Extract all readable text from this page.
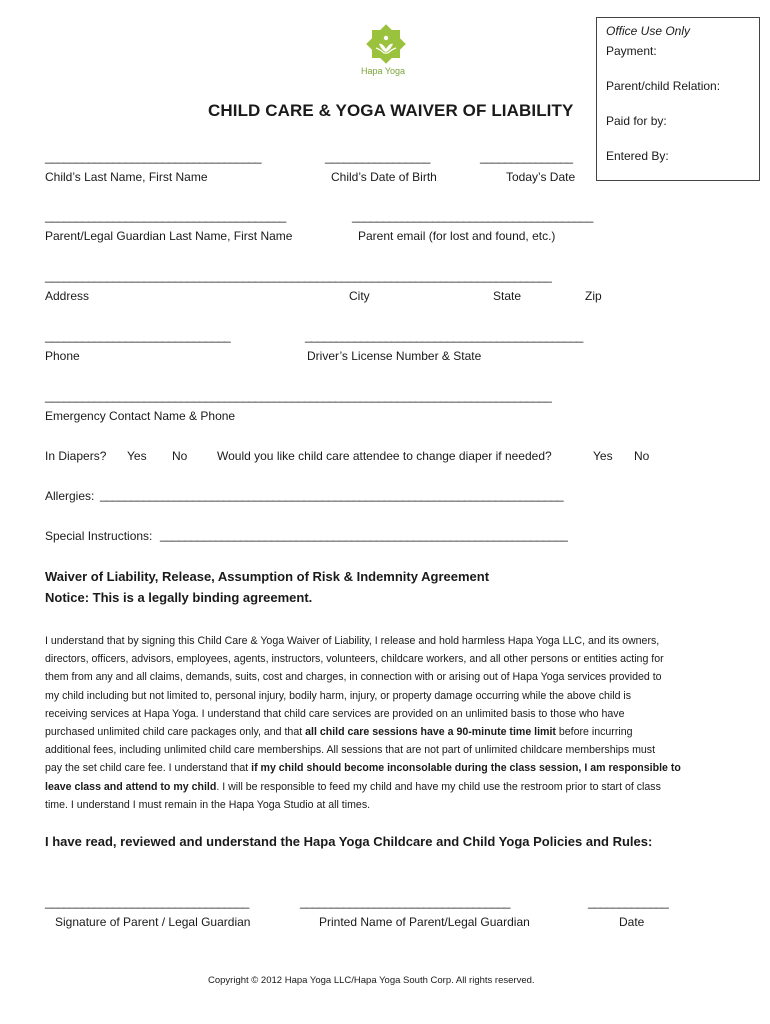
Hapa Yoga
Office Use Only
Payment:
Parent/child Relation:
Paid for by:
Entered By:
CHILD CARE & YOGA WAIVER OF LIABILITY
___________________________________	_________________	_______________
Child’s Last Name, First Name	Child’s Date of Birth	Today’s Date
_______________________________________	_______________________________________
Parent/Legal Guardian Last Name, First Name	Parent email (for lost and found, etc.)
__________________________________________________________________________________
Address	City	State	Zip
______________________________	_____________________________________________
Phone	Driver’s License Number & State
__________________________________________________________________________________
Emergency Contact Name & Phone
In Diapers? Yes No Would you like child care attendee to change diaper if needed?	Yes No
Allergies: ___________________________________________________________________________
Special Instructions: __________________________________________________________________
Waiver of Liability, Release, Assumption of Risk & Indemnity Agreement
Notice: This is a legally binding agreement.
I understand that by signing this Child Care & Yoga Waiver of Liability, I release and hold harmless Hapa Yoga LLC, and its owners,
directors, officers, advisors, employees, agents, instructors, volunteers, childcare workers, and all other persons or entities acting for
them from any and all claims, demands, suits, cost and charges, in connection with or arising out of Hapa Yoga services provided to
my child including but not limited to, personal injury, bodily harm, injury, or property damage occurring while the above child is
receiving services at Hapa Yoga. I understand that child care services are provided on an unlimited basis to those who have
purchased unlimited child care packages only, and that all child care sessions have a 90-minute time limit before incurring
additional fees, including unlimited child care memberships. All sessions that are not part of unlimited childcare memberships must
pay the set child care fee. I understand that if my child should become inconsolable during the class session, I am responsible to
leave class and attend to my child. I will be responsible to feed my child and have my child use the restroom prior to start of class
time. I understand I must remain in the Hapa Yoga Studio at all times.
I have read, reviewed and understand the Hapa Yoga Childcare and Child Yoga Policies and Rules:
_________________________________	__________________________________	_____________
Signature of Parent / Legal Guardian	Printed Name of Parent/Legal Guardian	Date
Copyright © 2012 Hapa Yoga LLC/Hapa Yoga South Corp. All rights reserved.
